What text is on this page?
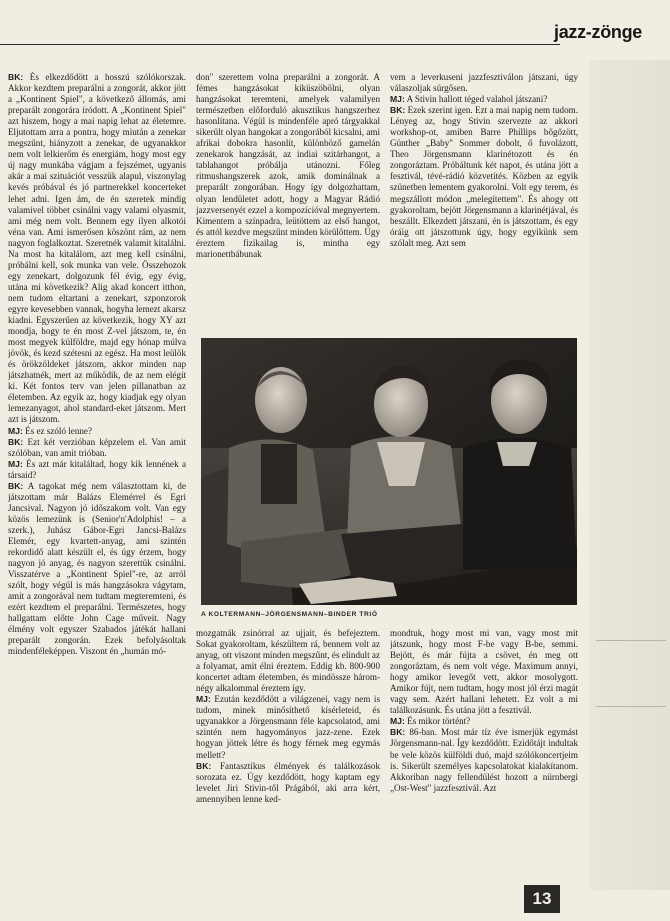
jazz-zönge

BK: És elkezdődött a hosszú szólókorszak. Akkor kezdtem preparálni a zongorát, akkor jött a „Kontinent Spiel", a következő állomás, ami preparált zongorára íródott. A „Kontinent Spiel" azt hiszem, hogy a mai napig lehat az életemre. Eljutottam arra a pontra, hogy miután a zenekar megszűnt, hiányzott a zenekar, de ugyanakkor nem volt lelkierőm és energiám, hogy most egy új nagy munkába vágjam a fejszémet, ugyanis akár a mai szituációt vesszük alapul, viszonylag kevés próbával és jó partnerekkel koncerteket lehet adni. Igen ám, de én szeretek mindig valamivel többet csinálni vagy valami olyasmit, ami még nem volt. Bennem egy ilyen alkotói véna van. Ami ismerősen köszönt rám, az nem nagyon foglalkoztat. Szeretnék valamit kitalálni. Na most ha kitalálom, azt meg kell csinálni, próbálni kell, sok munka van vele. Összehozok egy zenekart, dolgozunk fél évig, egy évig, utána mi következik? Alig akad koncert itthon, nem tudom eltartani a zenekart, szponzorok egyre kevesebben vannak, hogyha lemezt akarsz kiadni. Egyszerűen az következik, hogy XY azt mondja, hogy te én most Z-vel játszom, te, én most megyek külföldre, majd egy hónap múlva jövök, és kezd szétesni az egész. Ha most leülök és örökzöldeket játszom, akkor minden nap játszhatnék, mert az működik, de az nem elégít ki. Két fontos terv van jelen pillanatban az életemben. Az egyik az, hogy kiadjak egy olyan lemezanyagot, ahol standard-eket játszom. Mert azt is játszom.

MJ: És ez szóló lenne?

BK: Ezt két verzióban képzelem el. Van amit szólóban, van amit trióban.

MJ: És azt már kitaláltad, hogy kik lennének a társaid?

BK: A tagokat még nem választottam ki, de játszottam már Balázs Elemérrel és Egri Jancsival. Nagyon jó időszakom volt. Van egy közös lemezünk is (Senior'n'Adolphis! – a szerk.), Juhász Gábor-Egri Jancsi-Balázs Elemér, egy kvartett-anyag, ami szintén rekordidő alatt készült el, és úgy érzem, hogy nagyon jó anyag, és nagyon szerettük csinálni. Visszatérve a „Kontinent Spiel"-re, az arról szólt, hogy végül is más hangzásokra vágytam, amit a zongorával nem tudtam megteremteni, és ezért kezdtem el preparálni. Természetes, hogy hallgattam előtte John Cage műveit. Nagy élmény volt egyszer Szabados játékát hallani preparált zongorán. Ezek befolyásoltak mindenféleképpen. Viszont én „humán mó-

don" szerettem volna preparálni a zongorát. A fémes hangzásokat kiküszöbölni, olyan hangzásokat teremteni, amelyek valamilyen természetben előforduló akusztikus hangszerhez hasonlítana. Végül is mindenféle apró tárgyakkal sikerült olyan hangokat a zongorából kicsalni, ami afrikai dobokra hasonlít, különböző gamelán zenekarok hangzását, az indiai szitárhangot, a tablahangot próbálja utánozni. Főleg ritmushangszerek azok, amik dominálnak a preparált zongorában. Hogy így dolgozhattam, olyan lendületet adott, hogy a Magyar Rádió jazzversenyét ezzel a kompozícióval megnyertem. Kimentem a színpadra, leütöttem az első hangot, és attól kezdve megszűnt minden körülöttem. Úgy éreztem fizikailag is, mintha egy marionettbábunak

vem a leverkuseni jazzfesztiválon játszani, úgy válaszoljak sürgősen.

MJ: A Stivin hallott téged valahol játszani?

BK: Ezek szerint igen. Ezt a mai napig nem tudom. Lényeg az, hogy Stivin szervezte az akkori workshop-ot, amiben Barre Phillips bőgőzött, Günther „Baby" Sommer dobolt, ő fuvolázott, Theo Jörgensmann klarinétozott és én zongoráztam. Próbáltunk két napot, és utána jött a fesztivál, tévé-rádió közvetítés. Közben az egyik szünetben lementem gyakorolni. Volt egy terem, és megszállott módon „melegítettem". És ahogy ott gyakoroltam, bejött Jörgensmann a klarinétjával, és beszállt. Elkezdett játszani, én is játszottam, és egy óráig ott játszottunk úgy, hogy egyikünk sem szólalt meg. Azt sem

A KOLTERMANN–JÖRGENSMANN–BINDER TRIÓ

mozgatnák zsinórral az ujjait, és befejeztem. Sokat gyakoroltam, készültem rá, bennem volt az anyag, ott viszont minden megszűnt, és elindult az a folyamat, amit élni éreztem. Eddig kb. 800-900 koncertet adtam életemben, és mindössze három-négy alkalommal éreztem így.

MJ: Ezután kezdődött a világzenei, vagy nem is tudom, minek minősíthető kísérleteid, és ugyanakkor a Jörgensmann féle kapcsolatod, ami szintén nem hagyományos jazz-zene. Ezek hogyan jöttek létre és hogy férnek meg egymás mellett?

BK: Fantasztikus élmények és találkozások sorozata ez. Úgy kezdődött, hogy kaptam egy levelet Jiri Stivin-től Prágából, aki arra kért, amennyiben lenne ked-

mondtuk, hogy most mi van, vagy most mit játszunk, hogy most F-be vagy B-be, semmi. Bejött, és már fújta a csövet, én meg ott zongoráztam, és nem volt vége. Maximum annyi, hogy amikor levegőt vett, akkor mosolygott. Amikor fújt, nem tudtam, hogy most jól érzi magát vagy sem. Azért hallani lehetett. Ez volt a mi találkozásunk. És utána jött a fesztivál.

MJ: És mikor történt?

BK: 86-ban. Most már tíz éve ismerjük egymást Jörgensmann-nal. Így kezdődött. Ezidőtájt indultak be vele közös külföldi duó, majd szólókoncertjeim is. Sikerült személyes kapcsolatokat kialakítanom. Akkoriban nagy fellendülést hozott a nürnbergi „Ost-West" jazzfesztivál. Azt

13
